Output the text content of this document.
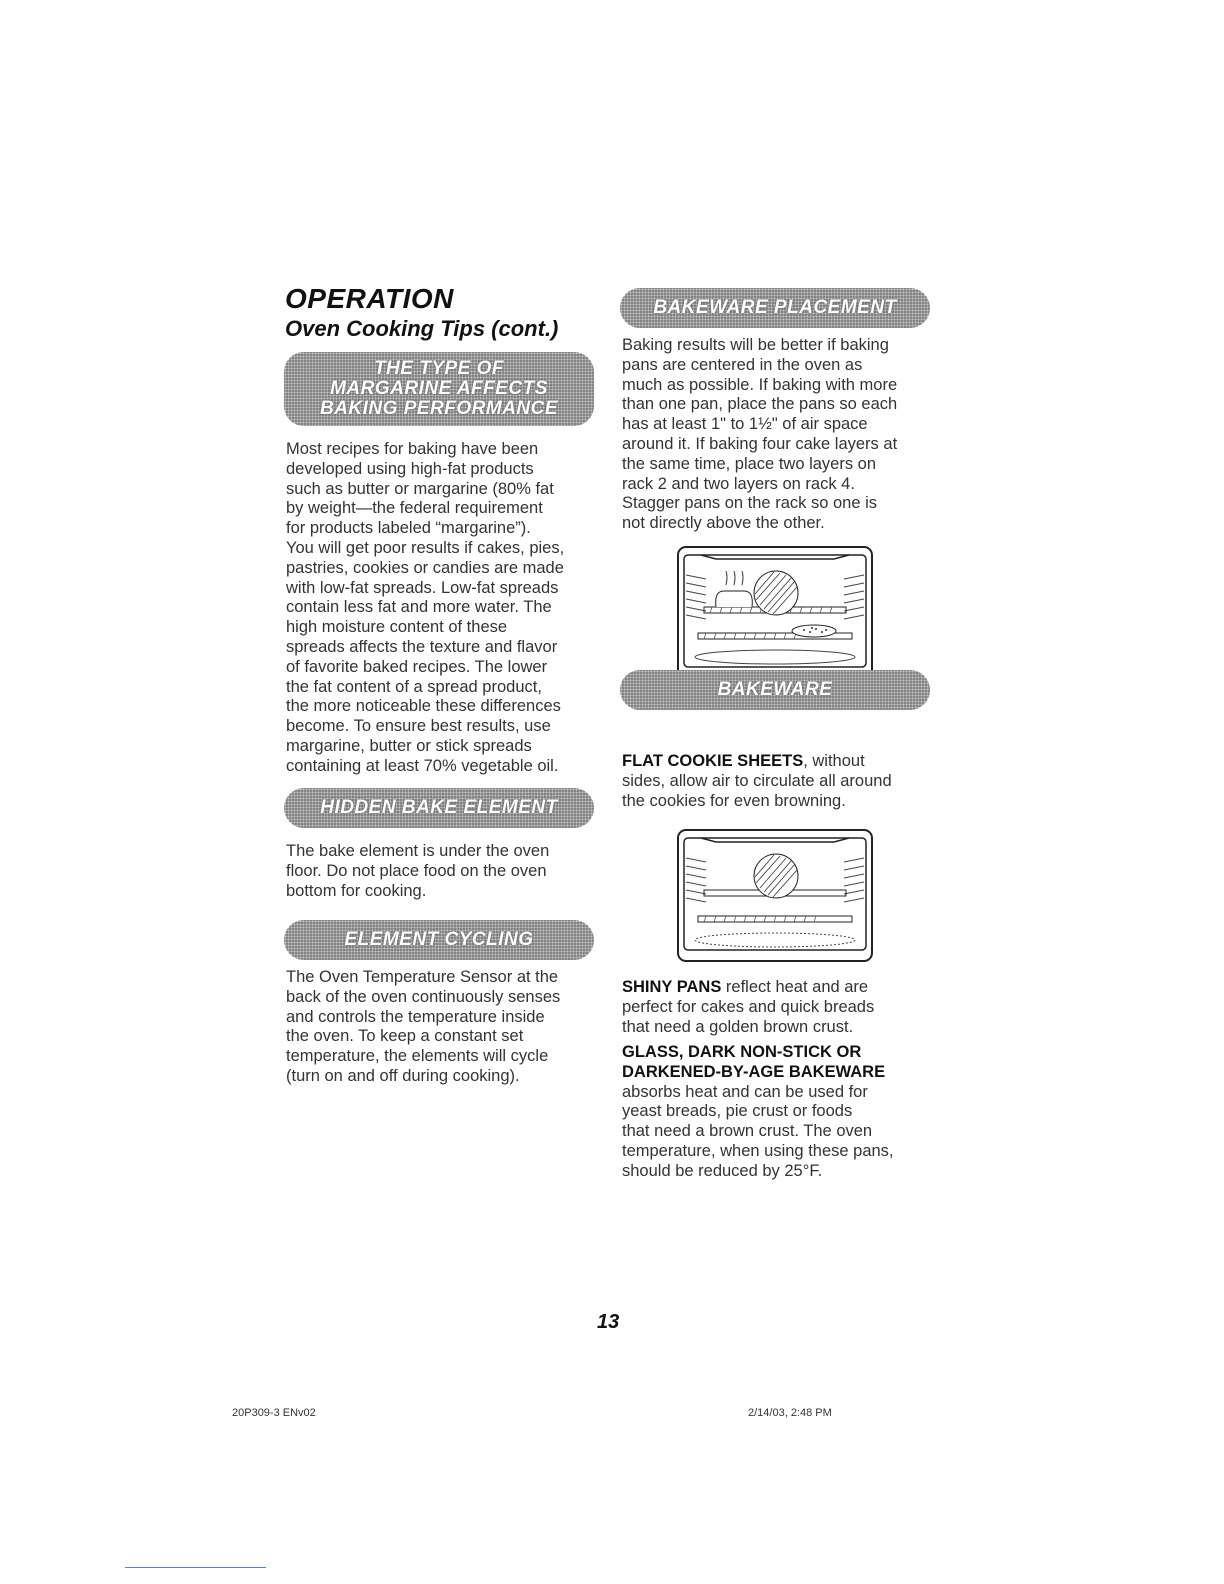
OPERATION
Oven Cooking Tips (cont.)
THE TYPE OF
MARGARINE AFFECTS
BAKING PERFORMANCE
Most recipes for baking have been
developed using high-fat products
such as butter or margarine (80% fat
by weight—the federal requirement
for products labeled “margarine”).
You will get poor results if cakes, pies,
pastries, cookies or candies are made
with low-fat spreads. Low-fat spreads
contain less fat and more water. The
high moisture content of these
spreads affects the texture and flavor
of favorite baked recipes. The lower
the fat content of a spread product,
the more noticeable these differences
become. To ensure best results, use
margarine, butter or stick spreads
containing at least 70% vegetable oil.
HIDDEN BAKE ELEMENT
The bake element is under the oven
floor. Do not place food on the oven
bottom for cooking.
ELEMENT CYCLING
The Oven Temperature Sensor at the
back of the oven continuously senses
and controls the temperature inside
the oven. To keep a constant set
temperature, the elements will cycle
(turn on and off during cooking).
BAKEWARE PLACEMENT
Baking results will be better if baking
pans are centered in the oven as
much as possible. If baking with more
than one pan, place the pans so each
has at least 1" to 1½" of air space
around it. If baking four cake layers at
the same time, place two layers on
rack 2 and two layers on rack 4.
Stagger pans on the rack so one is
not directly above the other.
BAKEWARE
FLAT COOKIE SHEETS, without
sides, allow air to circulate all around
the cookies for even browning.
SHINY PANS reflect heat and are
perfect for cakes and quick breads
that need a golden brown crust.
GLASS, DARK NON-STICK OR
DARKENED-BY-AGE BAKEWARE
absorbs heat and can be used for
yeast breads, pie crust or foods
that need a brown crust. The oven
temperature, when using these pans,
should be reduced by 25°F.
13
20P309-3 ENv02	2/14/03, 2:48 PM
